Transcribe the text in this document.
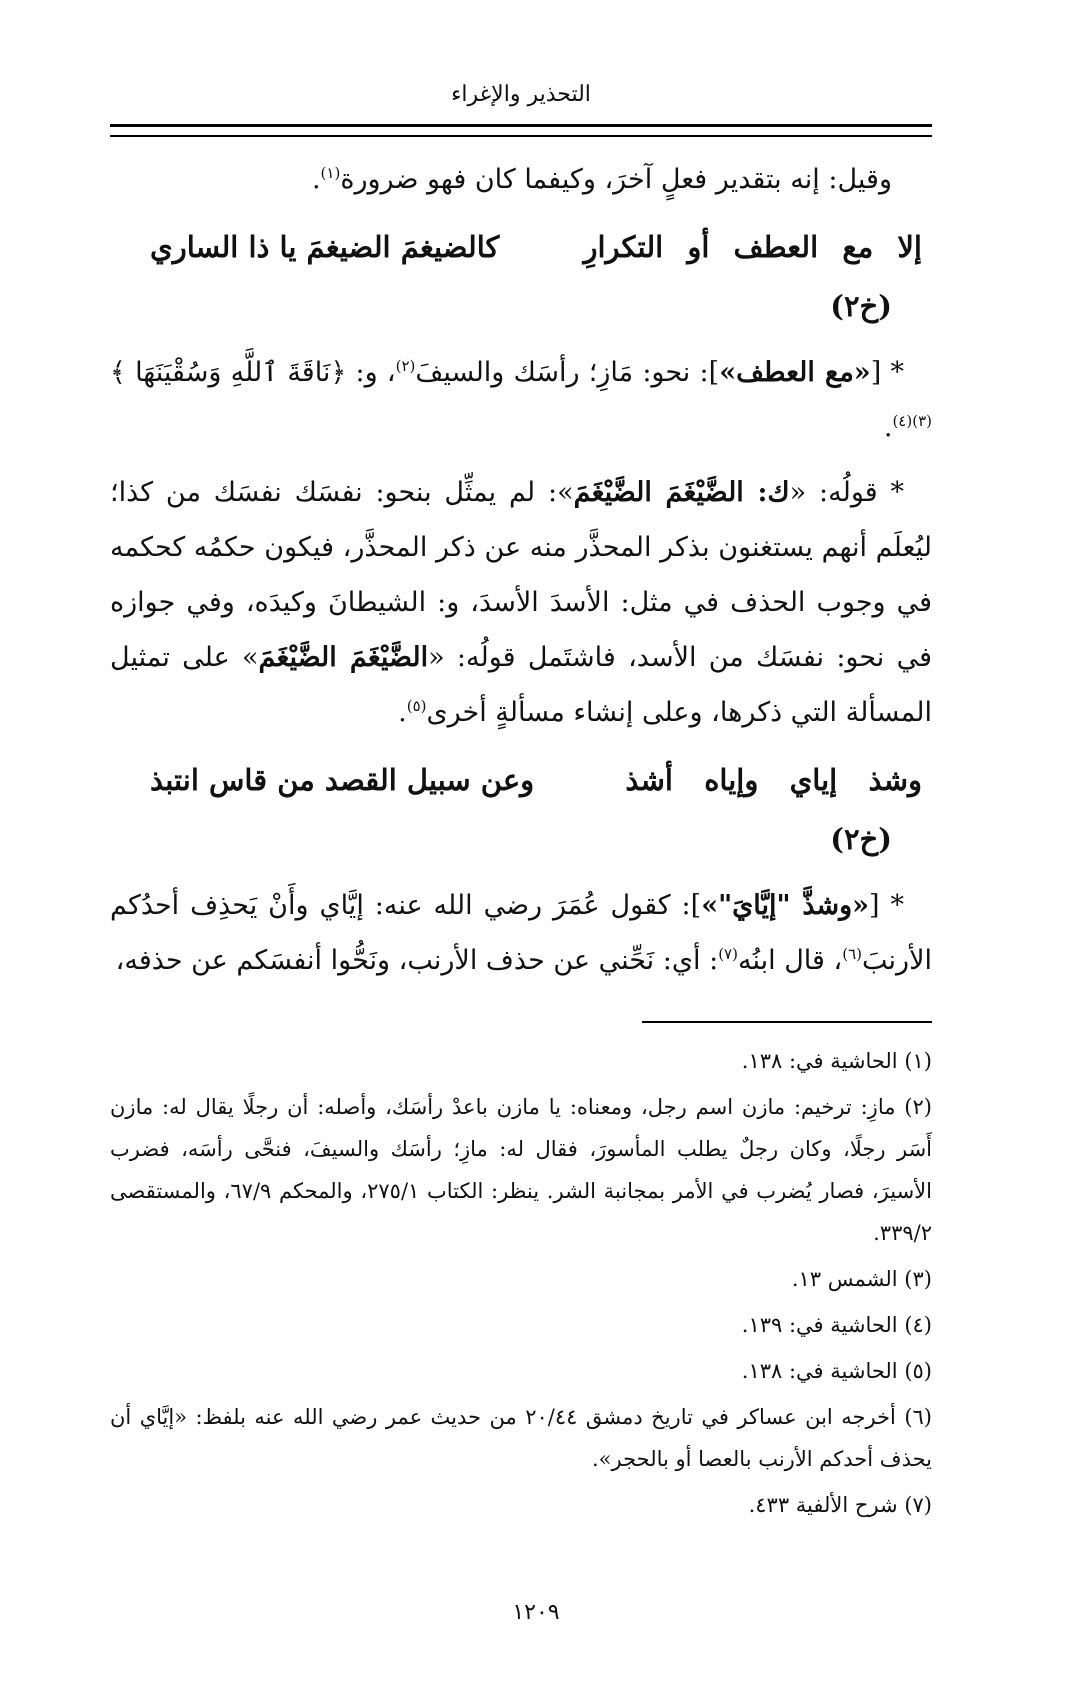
التحذير والإغراء

وقيل: إنه بتقدير فعلٍ آخرَ، وكيفما كان فهو ضرورة$^{(١)}$.

إلا
مع
العطف
أو
التكرارِ
كالضيغمَ الضيغمَ يا ذا الساري
(خ٢)

* [«مع العطف»]: نحو: مَازِ؛ رأسَك والسيفَ$^{(٢)}$، و: ﴿نَاقَةَ ٱللَّهِ وَسُقْيَنَهَا ﴾$^{(٣)(٤)}$.

* قولُه: «ك: الضَّيْغَمَ الضَّيْغَمَ»: لم يمثِّل بنحو: نفسَك نفسَك من كذا؛ ليُعلَم أنهم يستغنون بذكر المحذَّر منه عن ذكر المحذَّر، فيكون حكمُه كحكمه في وجوب الحذف في مثل: الأسدَ الأسدَ، و: الشيطانَ وكيدَه، وفي جوازه في نحو: نفسَك من الأسد، فاشتَمل قولُه: «الضَّيْغَمَ الضَّيْغَمَ» على تمثيل المسألة التي ذكرها، وعلى إنشاء مسألةٍ أخرى$^{(٥)}$.

وشذ
إياي
وإياه
أشذ
وعن سبيل القصد من قاس انتبذ
(خ٢)

* [«وشذَّ "إيَّايَ"»]: كقول عُمَرَ رضي الله عنه: إيَّاي وأَنْ يَحذِف أحدُكم الأرنبَ$^{(٦)}$، قال ابنُه$^{(٧)}$: أي: نَحِّني عن حذف الأرنب، ونَحُّوا أنفسَكم عن حذفه،

(١) الحاشية في: ١٣٨.
(٢) مازِ: ترخيم: مازن اسم رجل، ومعناه: يا مازن باعدْ رأسَك، وأصله: أن رجلًا يقال له: مازن أَسَر رجلًا، وكان رجلٌ يطلب المأسورَ، فقال له: مازِ؛ رأسَك والسيفَ، فنحَّى رأسَه، فضرب الأسيرَ، فصار يُضرب في الأمر بمجانبة الشر. ينظر: الكتاب ٢٧٥/١، والمحكم ٦٧/٩، والمستقصى ٣٣٩/٢.
(٣) الشمس ١٣.
(٤) الحاشية في: ١٣٩.
(٥) الحاشية في: ١٣٨.
(٦) أخرجه ابن عساكر في تاريخ دمشق ٢٠/٤٤ من حديث عمر رضي الله عنه بلفظ: «إيَّاي أن يحذف أحدكم الأرنب بالعصا أو بالحجر».
(٧) شرح الألفية ٤٣٣.
١٢٠٩
